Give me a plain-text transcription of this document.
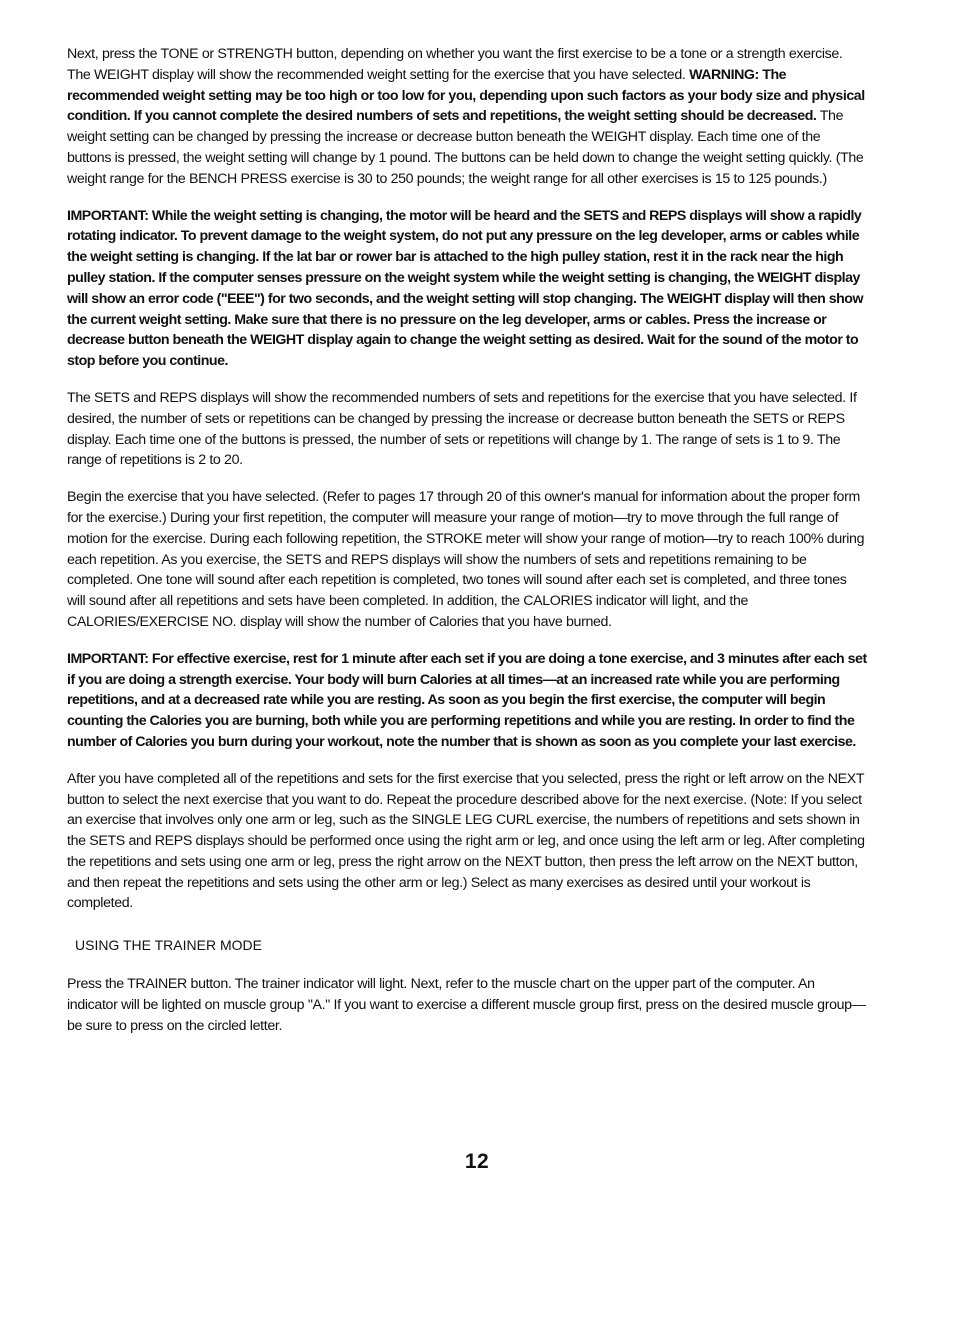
Next, press the TONE or STRENGTH button, depending on whether you want the first exercise to be a tone or a strength exercise. The WEIGHT display will show the recommended weight setting for the exercise that you have selected. WARNING: The recommended weight setting may be too high or too low for you, depending upon such factors as your body size and physical condition. If you cannot complete the desired numbers of sets and repetitions, the weight setting should be decreased. The weight setting can be changed by pressing the increase or decrease button beneath the WEIGHT display. Each time one of the buttons is pressed, the weight setting will change by 1 pound. The buttons can be held down to change the weight setting quickly. (The weight range for the BENCH PRESS exercise is 30 to 250 pounds; the weight range for all other exercises is 15 to 125 pounds.)

IMPORTANT: While the weight setting is changing, the motor will be heard and the SETS and REPS displays will show a rapidly rotating indicator. To prevent damage to the weight system, do not put any pressure on the leg developer, arms or cables while the weight setting is changing. If the lat bar or rower bar is attached to the high pulley station, rest it in the rack near the high pulley station. If the computer senses pressure on the weight system while the weight setting is changing, the WEIGHT display will show an error code ("EEE") for two seconds, and the weight setting will stop changing. The WEIGHT display will then show the current weight setting. Make sure that there is no pressure on the leg developer, arms or cables. Press the increase or decrease button beneath the WEIGHT display again to change the weight setting as desired. Wait for the sound of the motor to stop before you continue.

The SETS and REPS displays will show the recommended numbers of sets and repetitions for the exercise that you have selected. If desired, the number of sets or repetitions can be changed by pressing the increase or decrease button beneath the SETS or REPS display. Each time one of the buttons is pressed, the number of sets or repetitions will change by 1. The range of sets is 1 to 9. The range of repetitions is 2 to 20.

Begin the exercise that you have selected. (Refer to pages 17 through 20 of this owner's manual for information about the proper form for the exercise.) During your first repetition, the computer will measure your range of motion—try to move through the full range of motion for the exercise. During each following repetition, the STROKE meter will show your range of motion—try to reach 100% during each repetition. As you exercise, the SETS and REPS displays will show the numbers of sets and repetitions remaining to be completed. One tone will sound after each repetition is completed, two tones will sound after each set is completed, and three tones will sound after all repetitions and sets have been completed. In addition, the CALORIES indicator will light, and the CALORIES/EXERCISE NO. display will show the number of Calories that you have burned.

IMPORTANT: For effective exercise, rest for 1 minute after each set if you are doing a tone exercise, and 3 minutes after each set if you are doing a strength exercise. Your body will burn Calories at all times—at an increased rate while you are performing repetitions, and at a decreased rate while you are resting. As soon as you begin the first exercise, the computer will begin counting the Calories you are burning, both while you are performing repetitions and while you are resting. In order to find the number of Calories you burn during your workout, note the number that is shown as soon as you complete your last exercise.

After you have completed all of the repetitions and sets for the first exercise that you selected, press the right or left arrow on the NEXT button to select the next exercise that you want to do. Repeat the procedure described above for the next exercise. (Note: If you select an exercise that involves only one arm or leg, such as the SINGLE LEG CURL exercise, the numbers of repetitions and sets shown in the SETS and REPS displays should be performed once using the right arm or leg, and once using the left arm or leg. After completing the repetitions and sets using one arm or leg, press the right arrow on the NEXT button, then press the left arrow on the NEXT button, and then repeat the repetitions and sets using the other arm or leg.) Select as many exercises as desired until your workout is completed.

USING THE TRAINER MODE

Press the TRAINER button. The trainer indicator will light. Next, refer to the muscle chart on the upper part of the computer. An indicator will be lighted on muscle group "A." If you want to exercise a different muscle group first, press on the desired muscle group—be sure to press on the circled letter.

12
